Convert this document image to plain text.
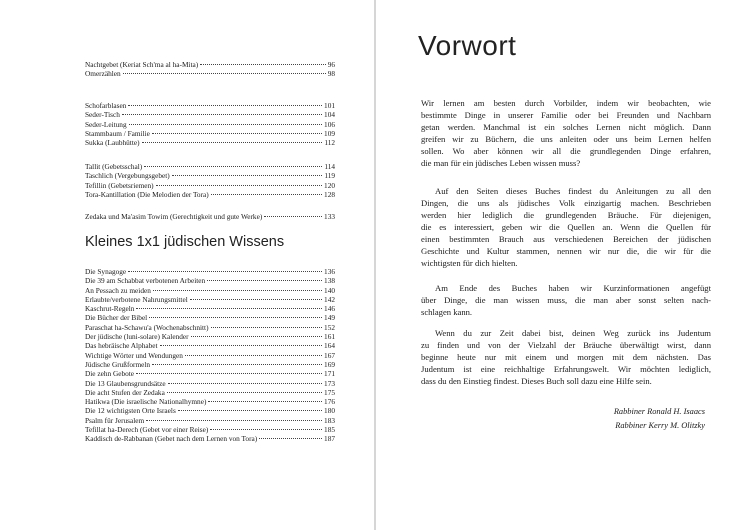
Nachtgebet (Keriat Sch'ma al ha-Mita)	96
Omerzählen	98
Schofarblasen	101
Seder-Tisch	104
Seder-Leitung	106
Stammbaum / Familie	109
Sukka (Laubhütte)	112
Tallit (Gebetsschal)	114
Taschlich (Vergebungsgebet)	119
Tefillin (Gebetsriemen)	120
Tora-Kantillation (Die Melodien der Tora)	128
Zedaka und Ma'asim Towim (Gerechtigkeit und gute Werke)	133
Kleines 1x1 jüdischen Wissens
Die Synagoge	136
Die 39 am Schabbat verbotenen Arbeiten	138
An Pessach zu meiden	140
Erlaubte/verbotene Nahrungsmittel	142
Kaschrut-Regeln	146
Die Bücher der Bibel	149
Paraschat ha-Schawu'a (Wochenabschnitt)	152
Der jüdische (luni-solare) Kalender	161
Das hebräische Alphabet	164
Wichtige Wörter und Wendungen	167
Jüdische Grußformeln	169
Die zehn Gebote	171
Die 13 Glaubensgrundsätze	173
Die acht Stufen der Zedaka	175
Hatikwa (Die israelische Nationalhymne)	176
Die 12 wichtigsten Orte Israels	180
Psalm für Jerusalem	183
Tefillat ha-Derech (Gebet vor einer Reise)	185
Kaddisch de-Rabbanan (Gebet nach dem Lernen von Tora)	187
Vorwort
Wir lernen am besten durch Vorbilder, indem wir beobachten, wie
bestimmte Dinge in unserer Familie oder bei Freunden und Nachbarn
getan werden. Manchmal ist ein solches Lernen nicht möglich. Dann
greifen wir zu Büchern, die uns anleiten oder uns beim Lernen helfen
sollen. Wo aber können wir all die grundlegenden Dinge erfahren,
die man für ein jüdisches Leben wissen muss?
Auf den Seiten dieses Buches findest du Anleitungen zu all den
Dingen, die uns als jüdisches Volk einzigartig machen. Beschrieben
werden hier lediglich die grundlegenden Bräuche. Für diejenigen,
die es interessiert, geben wir die Quellen an. Wenn die Quellen für
einen bestimmten Brauch aus verschiedenen Bereichen der jüdischen
Geschichte und Kultur stammen, nennen wir nur die, die wir für die
wichtigsten für dich hielten.
Am Ende des Buches haben wir Kurzinformationen angefügt
über Dinge, die man wissen muss, die man aber sonst selten nach-
schlagen kann.
Wenn du zur Zeit dabei bist, deinen Weg zurück ins Judentum
zu finden und von der Vielzahl der Bräuche überwältigt wirst, dann
beginne heute nur mit einem und morgen mit dem nächsten. Das
Judentum ist eine reichhaltige Erfahrungswelt. Wir möchten lediglich,
dass du den Einstieg findest. Dieses Buch soll dazu eine Hilfe sein.
Rabbiner Ronald H. Isaacs
Rabbiner Kerry M. Olitzky
